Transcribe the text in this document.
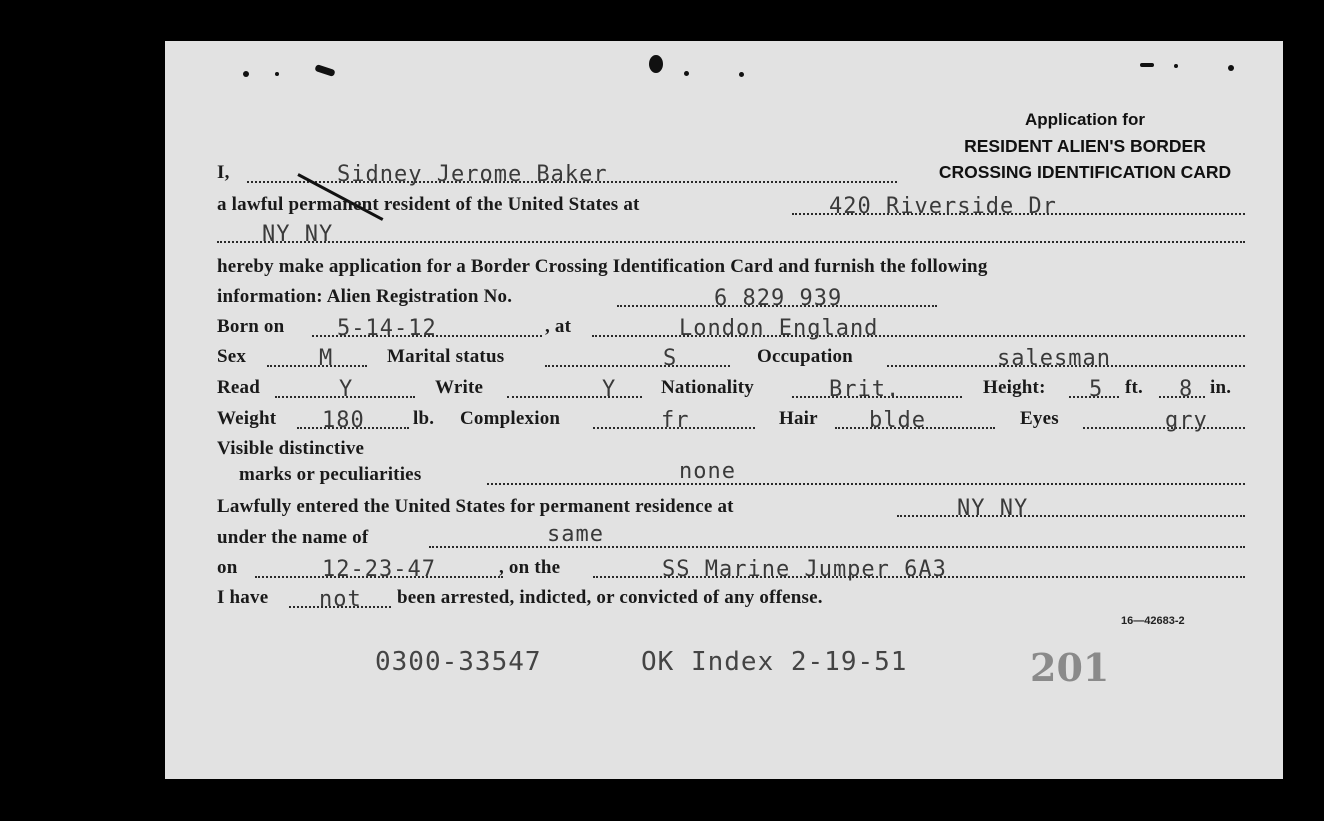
Application for
RESIDENT ALIEN'S BORDER
CROSSING IDENTIFICATION CARD
I,	Sidney Jerome Baker
a lawful permanent resident of the United States at	420 Riverside Dr
NY NY
hereby make application for a Border Crossing Identification Card and furnish the following
information: Alien Registration No.	6 829 939
Born on 5-14-12	, at	London England
Sex	M	Marital status	S	Occupation	salesman
Read	Y	Write	Y Nationality	Brit.	Height: 5 ft. 8 in.
Weight 180	lb. Complexion	fr	Hair blde	Eyes	gry
Visible distinctive
marks or peculiarities	none
Lawfully entered the United States for permanent residence at	NY NY
under the name of	same
on	12-23-47	, on the	SS Marine Jumper 6A3
I have not been arrested, indicted, or convicted of any offense.
16—42683-2
0300-33547	OK Index 2-19-51	201
